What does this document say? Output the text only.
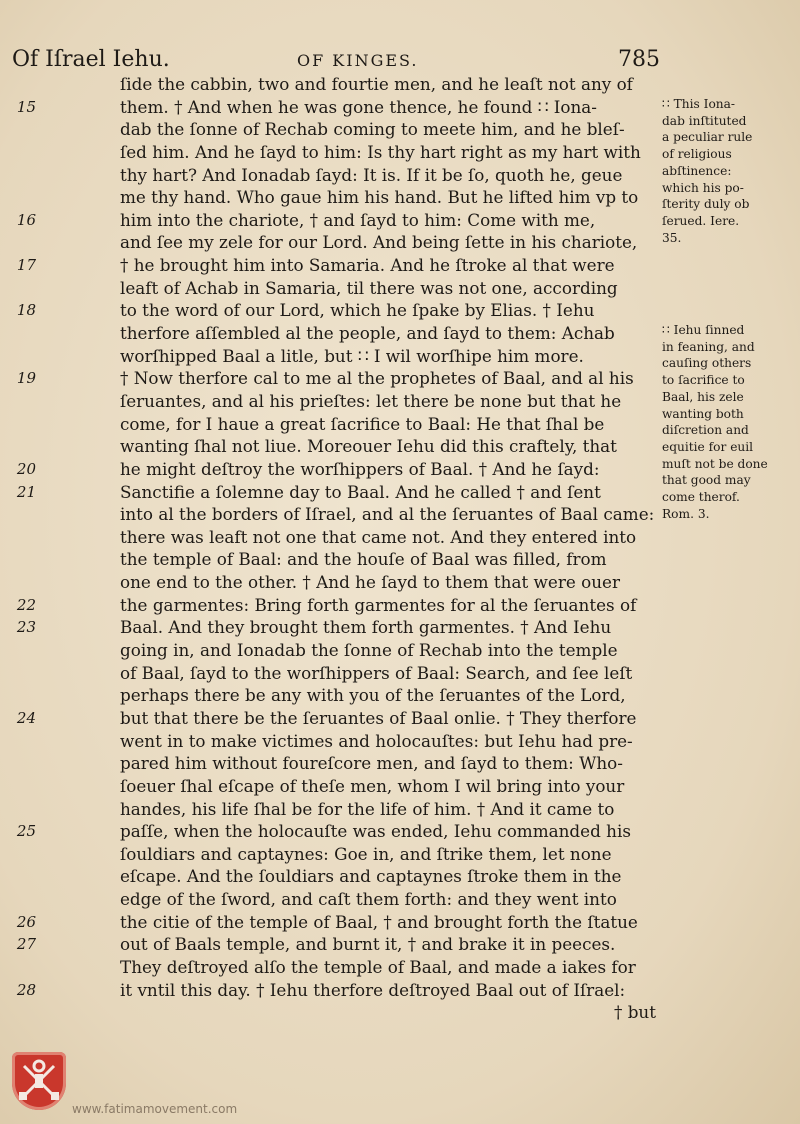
Of Iſrael Iehu.	OF KINGES.	785
ſide the cabbin, two and fourtie men, and he leaſt not any of
15	them. † And when he was gone thence, he found ∷ Iona-
dab the ſonne of Rechab coming to meete him, and he bleſ-
ſed him. And he ſayd to him: Is thy hart right as my hart with
thy hart? And Ionadab ſayd: It is. If it be ſo, quoth he, geue
me thy hand. Who gaue him his hand. But he lifted him vp to
16	him into the chariote, † and ſayd to him: Come with me,
and ſee my zele for our Lord. And being ſette in his chariote,
17	† he brought him into Samaria. And he ſtroke al that were
leaft of Achab in Samaria, til there was not one, according
18	to the word of our Lord, which he ſpake by Elias. † Iehu
therfore aſſembled al the people, and ſayd to them: Achab
worſhipped Baal a litle, but ∷ I wil worſhipe him more.
19	† Now therfore cal to me al the prophetes of Baal, and al his
ſeruantes, and al his prieſtes: let there be none but that he
come, for I haue a great ſacrifice to Baal: He that ſhal be
wanting ſhal not liue. Moreouer Iehu did this craftely, that
20	he might deſtroy the worſhippers of Baal. † And he ſayd:
21	Sanctifie a ſolemne day to Baal. And he called † and ſent
into al the borders of Iſrael, and al the ſeruantes of Baal came:
there was leaft not one that came not. And they entered into
the temple of Baal: and the houſe of Baal was filled, from
one end to the other. † And he ſayd to them that were ouer
22	the garmentes: Bring forth garmentes for al the ſeruantes of
23	Baal. And they brought them forth garmentes. † And Iehu
going in, and Ionadab the ſonne of Rechab into the temple
of Baal, ſayd to the worſhippers of Baal: Search, and ſee leſt
perhaps there be any with you of the ſeruantes of the Lord,
24	but that there be the ſeruantes of Baal onlie. † They therfore
went in to make victimes and holocauſtes: but Iehu had pre-
pared him without foureſcore men, and ſayd to them: Who-
ſoeuer ſhal eſcape of theſe men, whom I wil bring into your
handes, his life ſhal be for the life of him. † And it came to
25	paſſe, when the holocauſte was ended, Iehu commanded his
ſouldiars and captaynes: Goe in, and ſtrike them, let none
eſcape. And the ſouldiars and captaynes ſtroke them in the
edge of the ſword, and caſt them forth: and they went into
26	the citie of the temple of Baal, † and brought forth the ſtatue
27	out of Baals temple, and burnt it, † and brake it in peeces.
They deſtroyed alſo the temple of Baal, and made a iakes for
28	it vntil this day. † Iehu therfore deſtroyed Baal out of Iſrael:
† but
∷ This Iona-
dab inſtituted
a peculiar rule
of religious
abſtinence:
which his po-
ſterity duly ob
ſerued. Iere.
35.
∷ Iehu ſinned
in feaning, and
cauſing others
to ſacrifice to
Baal, his zele
wanting both
diſcretion and
equitie for euil
muſt not be done
that good may
come therof.
Rom. 3.
www.fatimamovement.com
